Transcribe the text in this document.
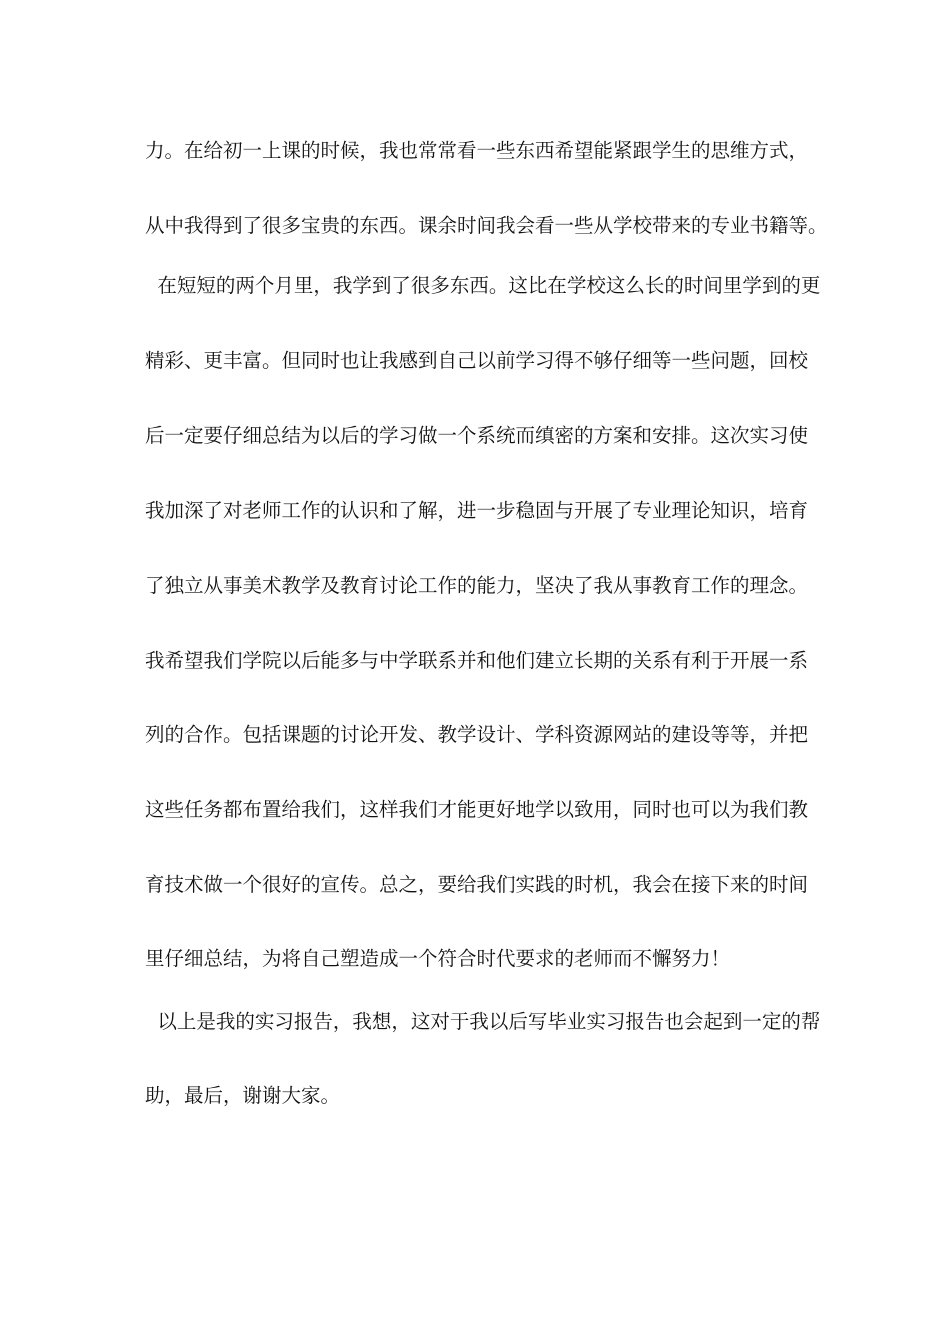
力。在给初一上课的时候，我也常常看一些东西希望能紧跟学生的思维方式，
从中我得到了很多宝贵的东西。课余时间我会看一些从学校带来的专业书籍等。
在短短的两个月里，我学到了很多东西。这比在学校这么长的时间里学到的更
精彩、更丰富。但同时也让我感到自己以前学习得不够仔细等一些问题，回校
后一定要仔细总结为以后的学习做一个系统而缜密的方案和安排。这次实习使
我加深了对老师工作的认识和了解，进一步稳固与开展了专业理论知识，培育
了独立从事美术教学及教育讨论工作的能力，坚决了我从事教育工作的理念。
我希望我们学院以后能多与中学联系并和他们建立长期的关系有利于开展一系
列的合作。包括课题的讨论开发、教学设计、学科资源网站的建设等等，并把
这些任务都布置给我们，这样我们才能更好地学以致用，同时也可以为我们教
育技术做一个很好的宣传。总之，要给我们实践的时机，我会在接下来的时间
里仔细总结，为将自己塑造成一个符合时代要求的老师而不懈努力！
以上是我的实习报告，我想，这对于我以后写毕业实习报告也会起到一定的帮
助，最后，谢谢大家。
